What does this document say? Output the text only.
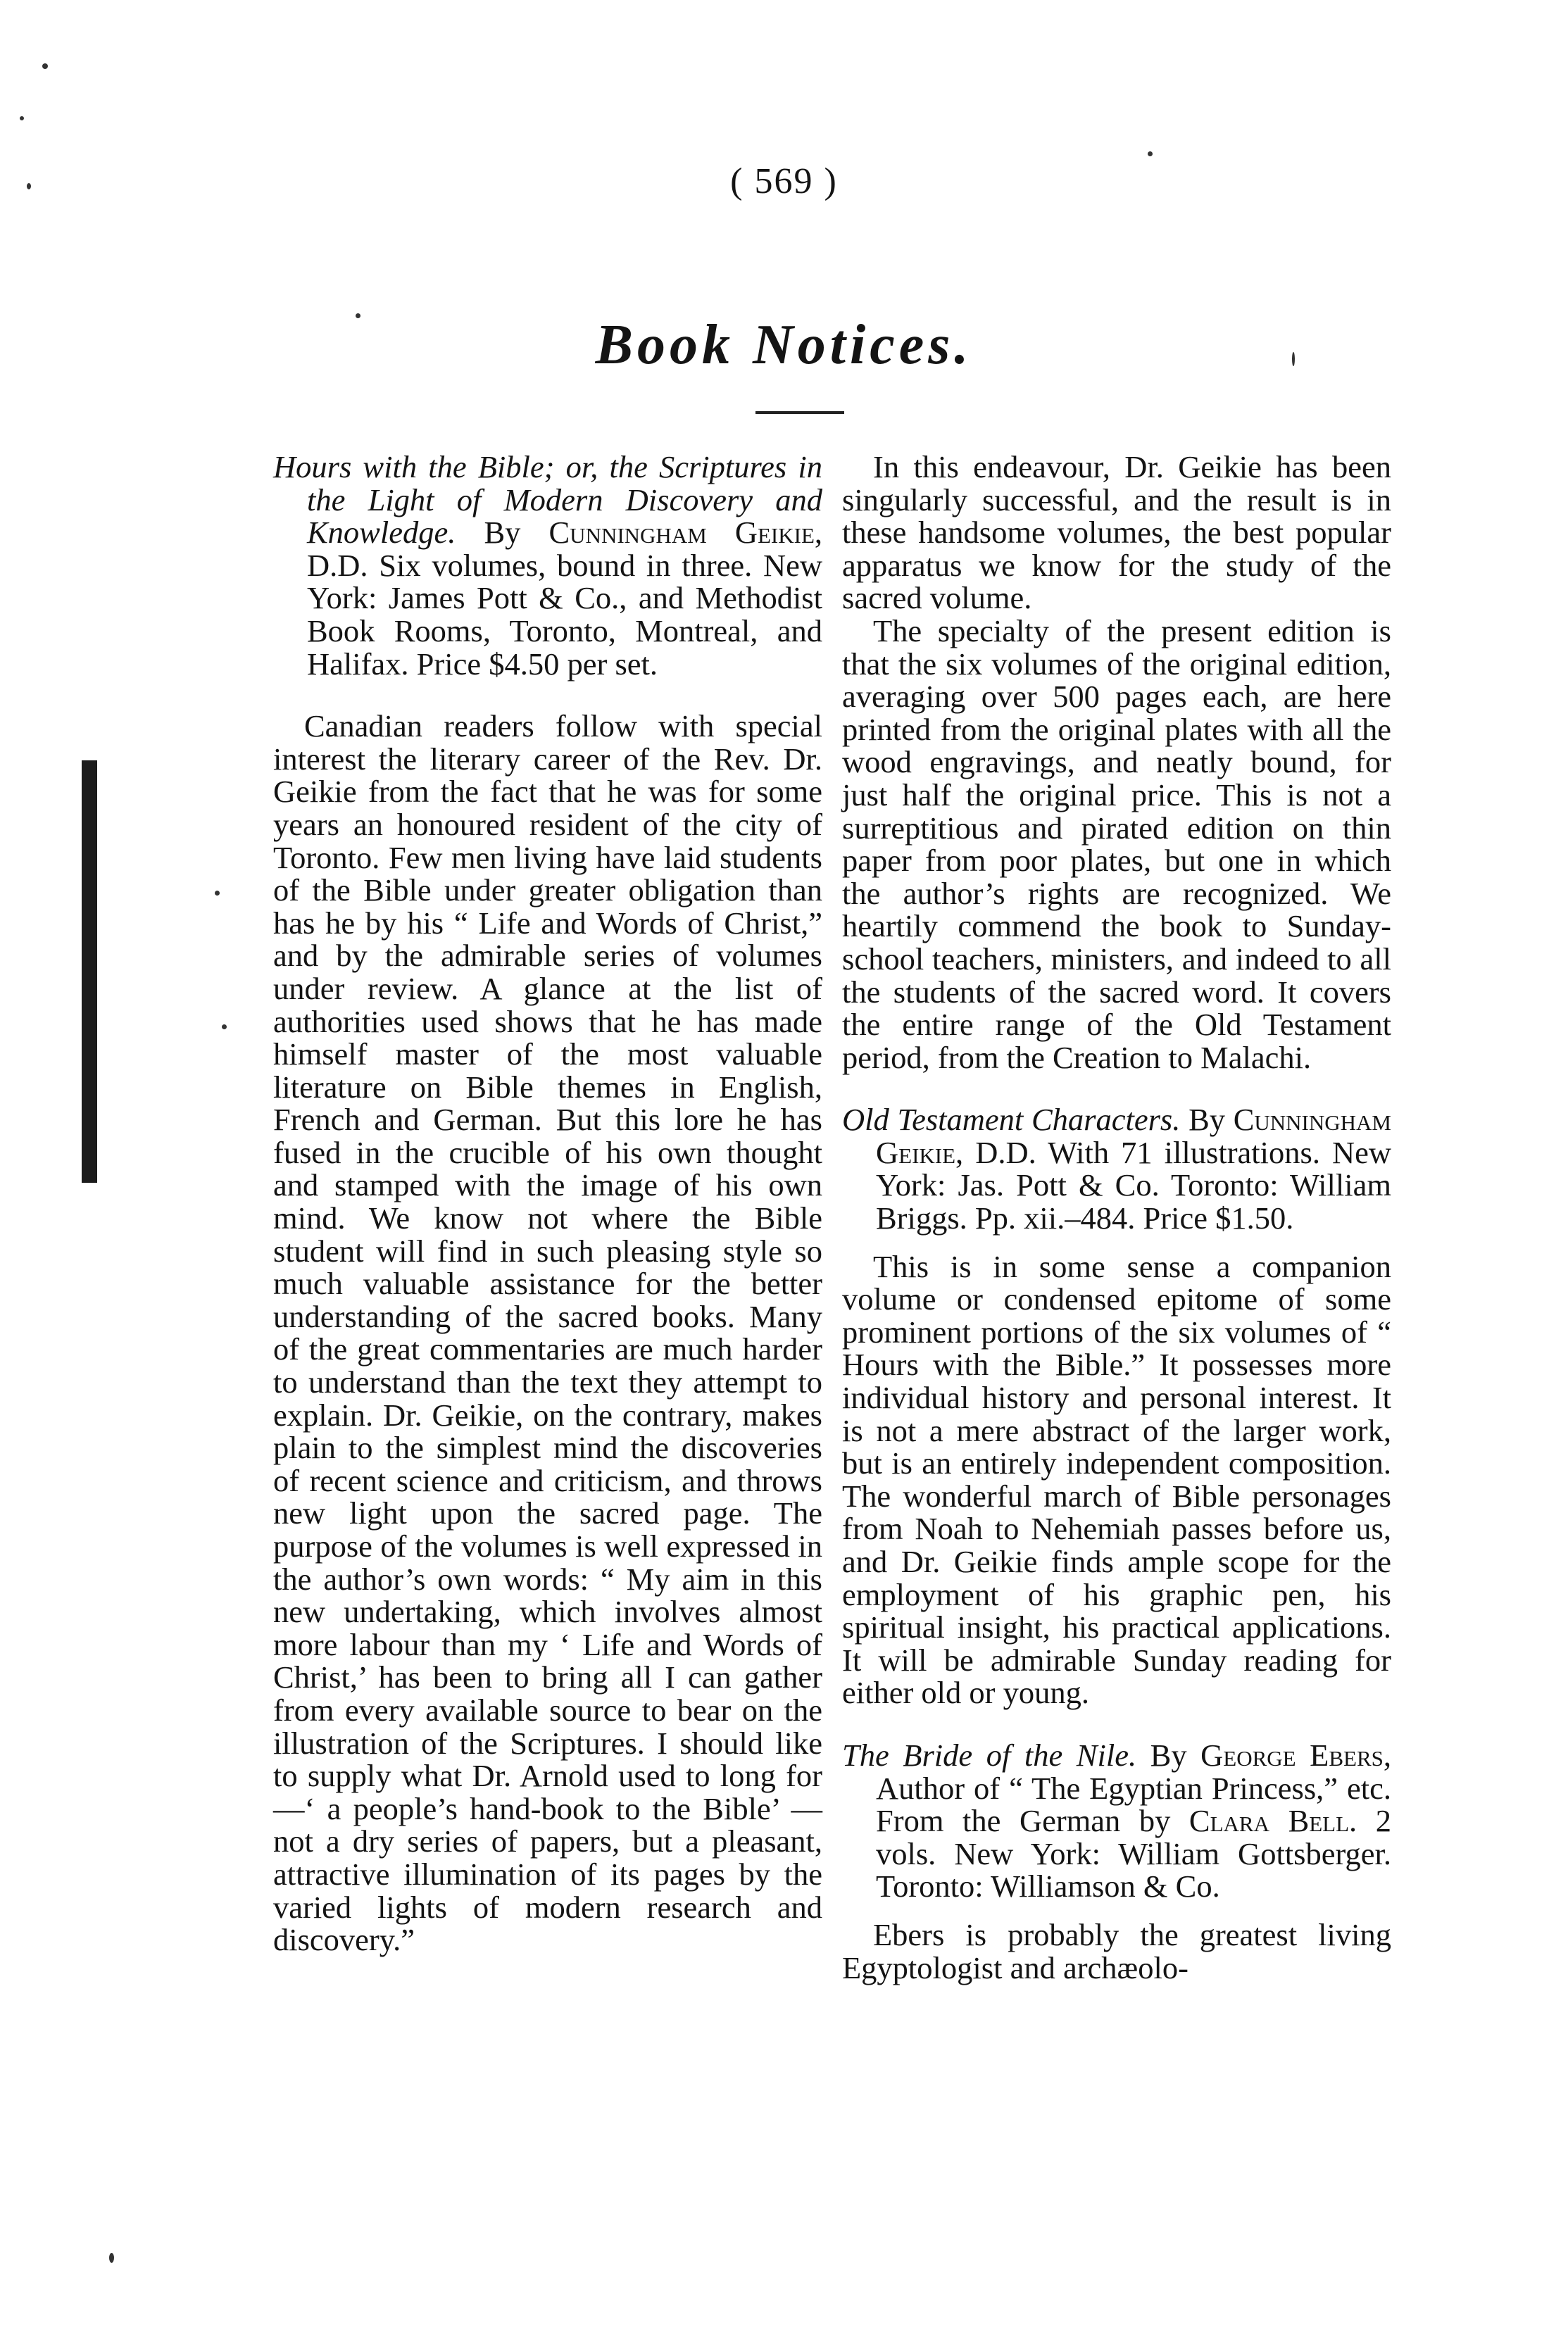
( 569 )
Book Notices.

Hours with the Bible; or, the Scriptures in the Light of Modern Discovery and Knowledge. By Cunningham Geikie, D.D. Six volumes, bound in three. New York: James Pott & Co., and Methodist Book Rooms, Toronto, Montreal, and Halifax. Price $4.50 per set.

Canadian readers follow with special interest the literary career of the Rev. Dr. Geikie from the fact that he was for some years an honoured resident of the city of Toronto. Few men living have laid students of the Bible under greater obligation than has he by his “ Life and Words of Christ,” and by the admirable series of volumes under review. A glance at the list of authorities used shows that he has made himself master of the most valuable literature on Bible themes in English, French and German. But this lore he has fused in the crucible of his own thought and stamped with the image of his own mind. We know not where the Bible student will find in such pleasing style so much valuable assistance for the better understanding of the sacred books. Many of the great commentaries are much harder to understand than the text they attempt to explain. Dr. Geikie, on the contrary, makes plain to the simplest mind the discoveries of recent science and criticism, and throws new light upon the sacred page. The purpose of the volumes is well expressed in the author’s own words: “ My aim in this new undertaking, which involves almost more labour than my ‘ Life and Words of Christ,’ has been to bring all I can gather from every available source to bear on the illustration of the Scriptures. I should like to supply what Dr. Arnold used to long for—‘ a people’s hand-book to the Bible’ —not a dry series of papers, but a pleasant, attractive illumination of its pages by the varied lights of modern research and discovery.”

In this endeavour, Dr. Geikie has been singularly successful, and the result is in these handsome volumes, the best popular apparatus we know for the study of the sacred volume.

The specialty of the present edition is that the six volumes of the original edition, averaging over 500 pages each, are here printed from the original plates with all the wood engravings, and neatly bound, for just half the original price. This is not a surreptitious and pirated edition on thin paper from poor plates, but one in which the author’s rights are recognized. We heartily commend the book to Sunday-school teachers, ministers, and indeed to all the students of the sacred word. It covers the entire range of the Old Testament period, from the Creation to Malachi.

Old Testament Characters. By Cunningham Geikie, D.D. With 71 illustrations. New York: Jas. Pott & Co. Toronto: William Briggs. Pp. xii.–484. Price $1.50.

This is in some sense a companion volume or condensed epitome of some prominent portions of the six volumes of “ Hours with the Bible.” It possesses more individual history and personal interest. It is not a mere abstract of the larger work, but is an entirely independent composition. The wonderful march of Bible personages from Noah to Nehemiah passes before us, and Dr. Geikie finds ample scope for the employment of his graphic pen, his spiritual insight, his practical applications. It will be admirable Sunday reading for either old or young.

The Bride of the Nile. By George Ebers, Author of “ The Egyptian Princess,” etc. From the German by Clara Bell. 2 vols. New York: William Gottsberger. Toronto: Williamson & Co.

Ebers is probably the greatest living Egyptologist and archæolo-
